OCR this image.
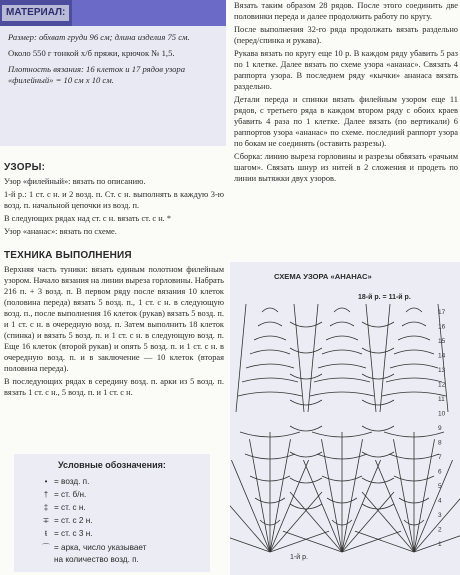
МАТЕРИАЛ:

Размер: обхват груди 96 см; длина изделия 75 см.

Около 550 г тонкой х/б пряжи, крючок № 1,5.

Плотность вязания: 16 клеток и 17 рядов узора «филейный» = 10 см х 10 см.

УЗОРЫ:

Узор «филейный»: вязать по описанию.

1-й р.: 1 ст. с н. и 2 возд. п. Ст. с н. выполнять в каждую 3-ю возд. п. начальной цепочки из возд. п.

В следующих рядах над ст. с н. вязать ст. с н. *

Узор «ананас»: вязать по схеме.

ТЕХНИКА ВЫПОЛНЕНИЯ

Верхняя часть туники: вязать единым полотном филейным узором. Начало вязания на линии выреза горловины. Набрать 216 п. + 3 возд. п. В первом ряду после вязания 10 клеток (половина переда) вязать 5 возд. п., 1 ст. с н. в следующую возд. п., после выполнения 16 клеток (рукав) вязать 5 возд. п. и 1 ст. с н. в очередную возд. п. Затем выполнить 18 клеток (спинка) и вязать 5 возд. п. и 1 ст. с н. в следующую возд. п. Еще 16 клеток (второй рукав) и опять 5 возд. п. и 1 ст. с н. в очередную возд. п. и в заключение — 10 клеток (вторая половина переда).

В последующих рядах в середину возд. п. арки из 5 возд. п. вязать 1 ст. с н., 5 возд. п. и 1 ст. с н.

Условные обозначения:
• = возд. п.
† = ст. б/н.
‡ = ст. с н.
∓ = ст. с 2 н.
ŧ = ст. с 3 н.
⌒ = арка, число указывает
на количество возд. п.

Вязать таким образом 28 рядов. После этого соединить две половинки переда и далее продолжить работу по кругу.

После выполнения 32-го ряда продолжать вязать раздельно (перед/спинка и рукава).

Рукава вязать по кругу еще 10 р. В каждом ряду убавить 5 раз по 1 клетке. Далее вязать по схеме узора «ананас». Связать 4 раппорта узора. В последнем ряду «кычки» ананаса вязать раздельно.

Детали переда и спинки вязать филейным узором еще 11 рядов, с третьего ряда в каждом втором ряду с обоих краев убавить 4 раза по 1 клетке. Далее вязать (по вертикали) 6 раппортов узора «ананас» по схеме. последний раппорт узора по бокам не соединять (оставить разрезы).

Сборка: линию выреза горловины и разрезы обвязать «рачьим шагом». Связать шнур из нитей в 2 сложения и продеть по линии вытяжки двух узоров.

СХЕМА УЗОРА «АНАНАС»
18-й р. = 11-й р.
17
16
15
14
13
12
11
10
9
8
7
6
5
4
3
2
1
1-й р.
